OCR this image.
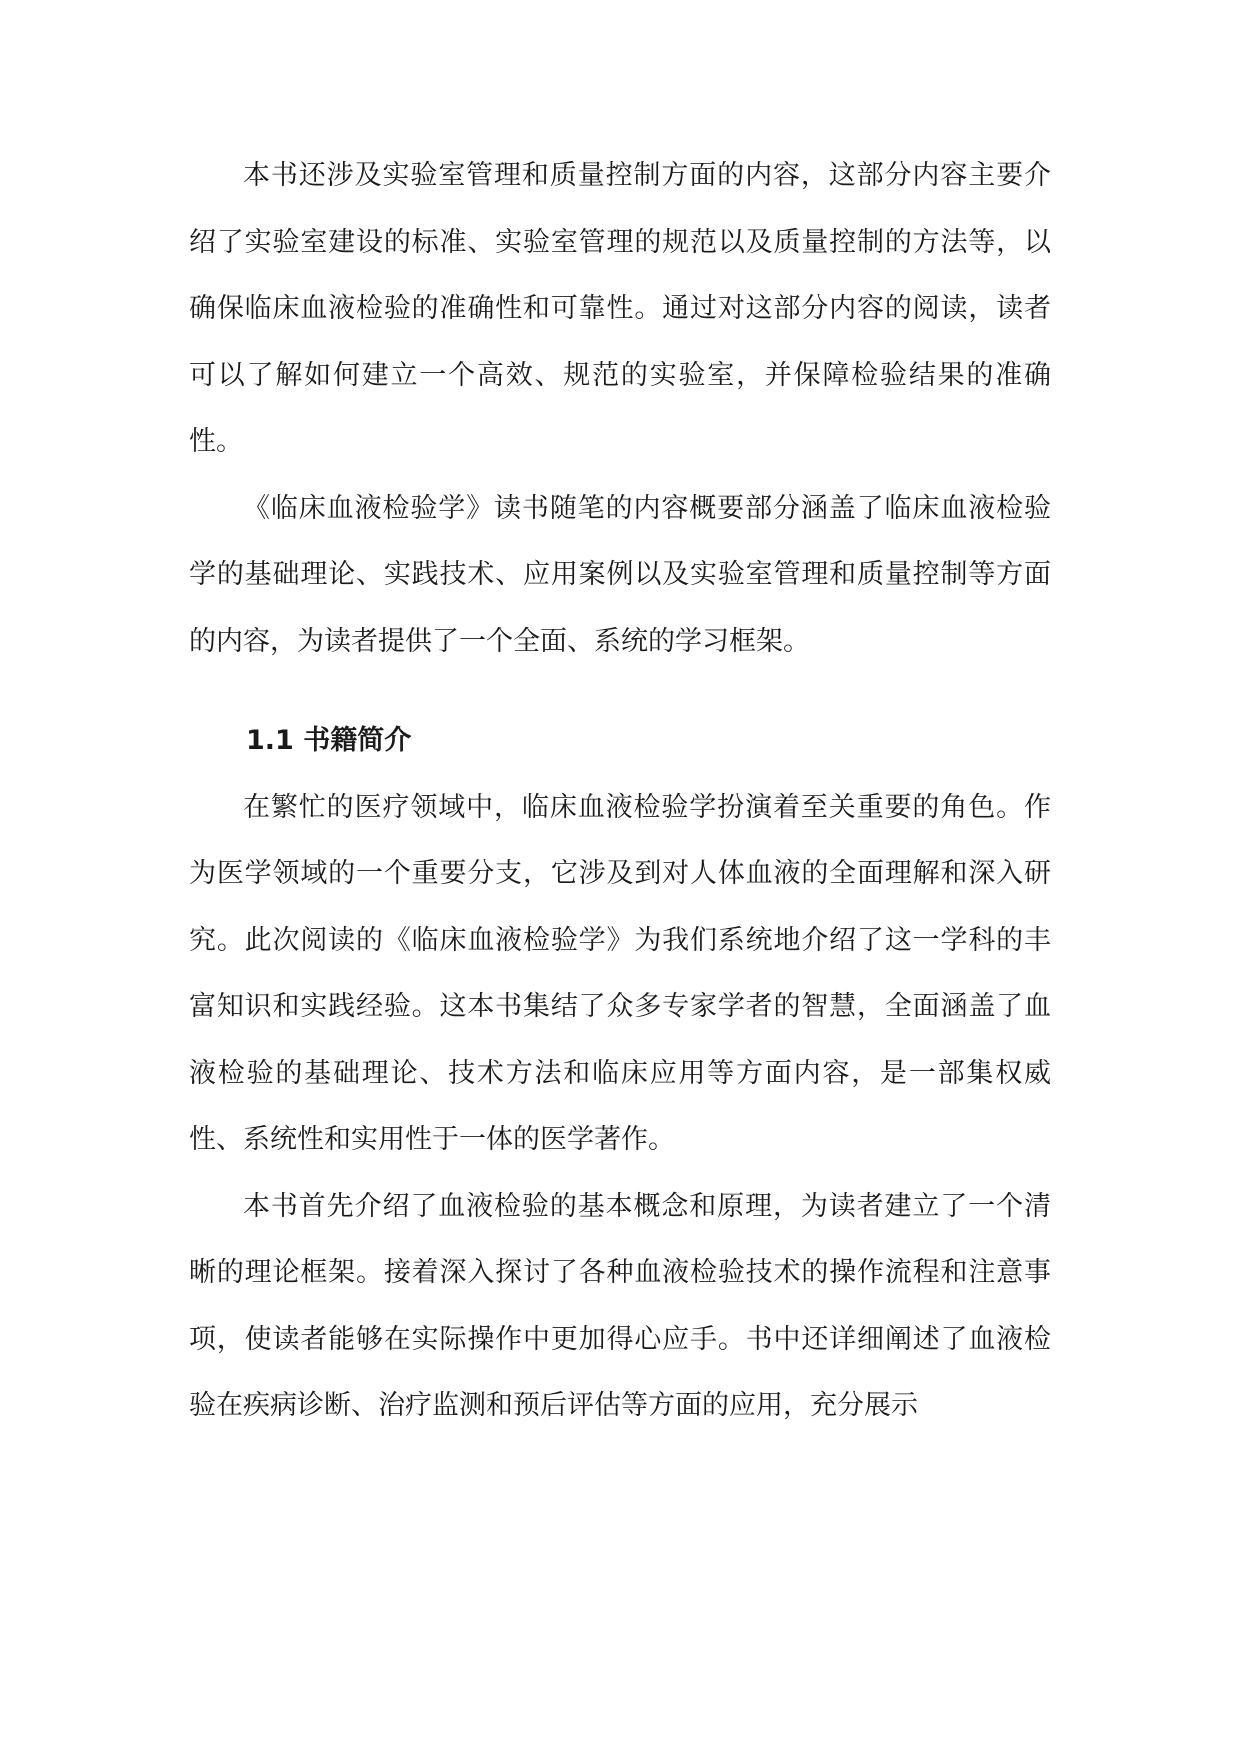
本书还涉及实验室管理和质量控制方面的内容，这部分内容主要介绍了实验室建设的标准、实验室管理的规范以及质量控制的方法等，以确保临床血液检验的准确性和可靠性。通过对这部分内容的阅读，读者可以了解如何建立一个高效、规范的实验室，并保障检验结果的准确性。

《临床血液检验学》读书随笔的内容概要部分涵盖了临床血液检验学的基础理论、实践技术、应用案例以及实验室管理和质量控制等方面的内容，为读者提供了一个全面、系统的学习框架。

1.1 书籍简介

在繁忙的医疗领域中，临床血液检验学扮演着至关重要的角色。作为医学领域的一个重要分支，它涉及到对人体血液的全面理解和深入研究。此次阅读的《临床血液检验学》为我们系统地介绍了这一学科的丰富知识和实践经验。这本书集结了众多专家学者的智慧，全面涵盖了血液检验的基础理论、技术方法和临床应用等方面内容，是一部集权威性、系统性和实用性于一体的医学著作。

本书首先介绍了血液检验的基本概念和原理，为读者建立了一个清晰的理论框架。接着深入探讨了各种血液检验技术的操作流程和注意事项，使读者能够在实际操作中更加得心应手。书中还详细阐述了血液检验在疾病诊断、治疗监测和预后评估等方面的应用，充分展示
